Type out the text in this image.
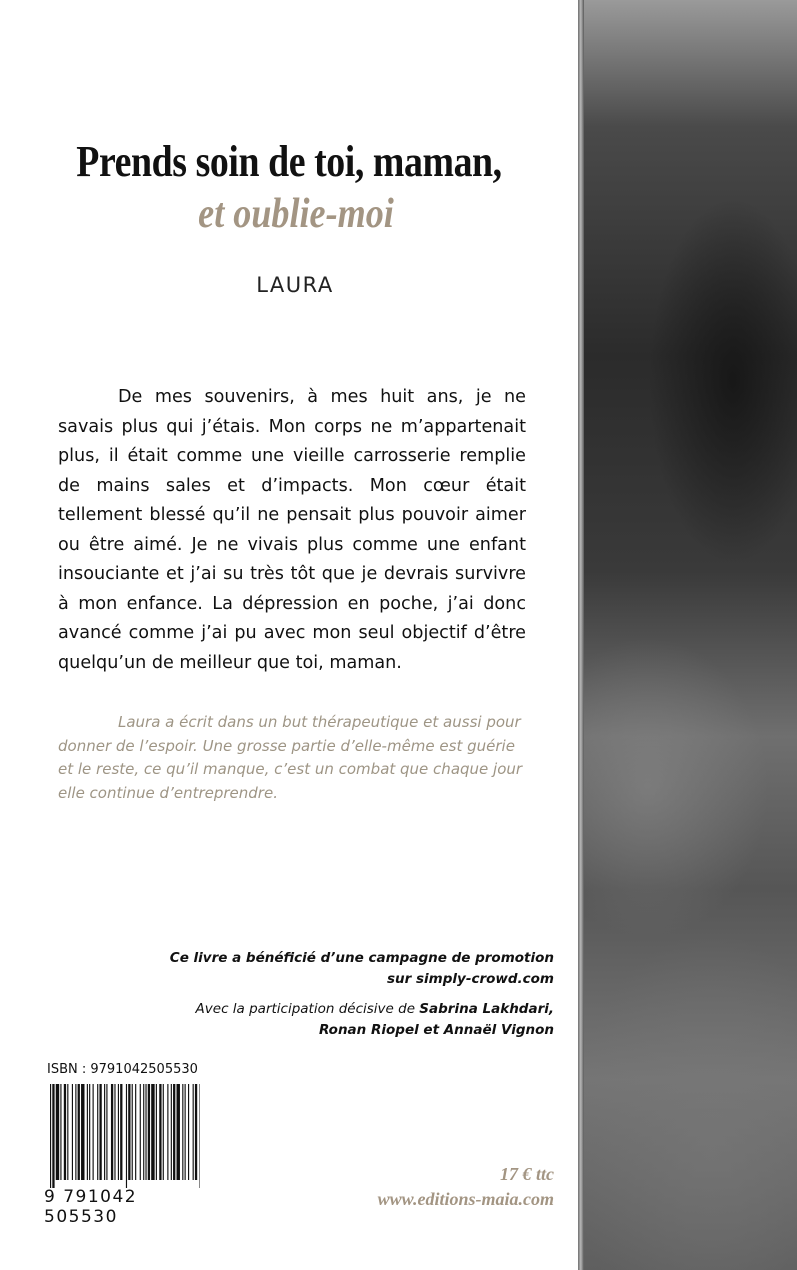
Prends soin de toi, maman,
et oublie-moi
LAURA
De mes souvenirs, à mes huit ans, je ne savais plus qui j’étais. Mon corps ne m’appartenait plus, il était comme une vieille carrosserie remplie de mains sales et d’impacts. Mon cœur était tellement blessé qu’il ne pensait plus pouvoir aimer ou être aimé. Je ne vivais plus comme une enfant insouciante et j’ai su très tôt que je devrais survivre à mon enfance. La dépression en poche, j’ai donc avancé comme j’ai pu avec mon seul objectif d’être quelqu’un de meilleur que toi, maman.
Laura a écrit dans un but thérapeutique et aussi pour donner de l’espoir. Une grosse partie d’elle-même est guérie et le reste, ce qu’il manque, c’est un combat que chaque jour elle continue d’entreprendre.
Ce livre a bénéficié d’une campagne de promotion
sur simply-crowd.com
Avec la participation décisive de Sabrina Lakhdari,
Ronan Riopel et Annaël Vignon
ISBN : 9791042505530
9 791042 505530
17 € ttc
www.editions-maia.com
